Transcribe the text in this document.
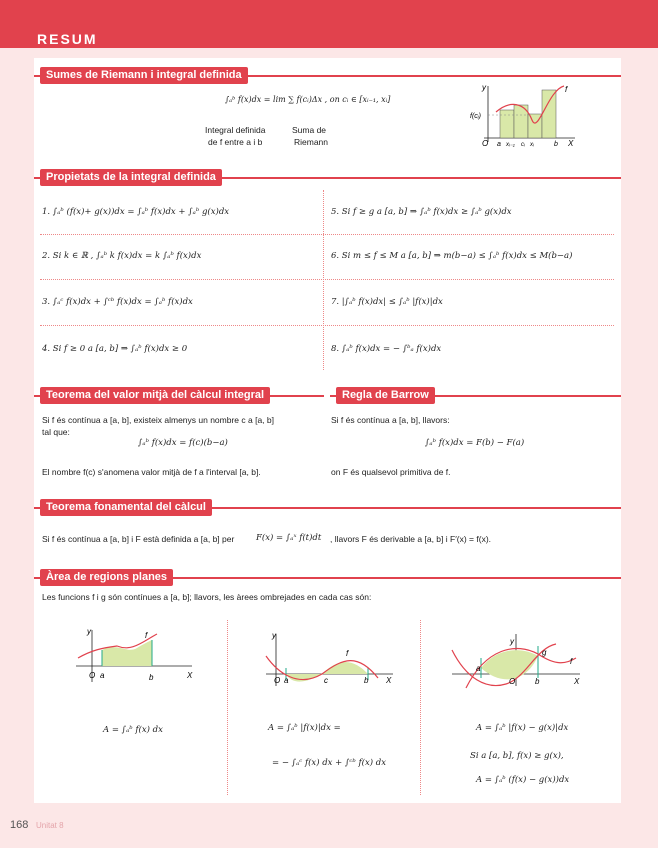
RESUM
Sumes de Riemann i integral definida
∫ₐᵇ f(x)dx = lim ∑ f(cᵢ)Δx , on cᵢ ∈ [xᵢ₋₁, xᵢ]
Integral definida
de f entre a i b
Suma de
Riemann
y	f
f(cᵢ)
O a xᵢ₋₁ cᵢ xᵢ	b X
Propietats de la integral definida
1. ∫ₐᵇ (f(x)+ g(x))dx = ∫ₐᵇ f(x)dx + ∫ₐᵇ g(x)dx	5. Si f ≥ g a [a, b] ⇒ ∫ₐᵇ f(x)dx ≥ ∫ₐᵇ g(x)dx
2. Si k ∈ ℝ , ∫ₐᵇ k f(x)dx = k ∫ₐᵇ f(x)dx	6. Si m ≤ f ≤ M a [a, b] ⇒ m(b−a) ≤ ∫ₐᵇ f(x)dx ≤ M(b−a)
3. ∫ₐᶜ f(x)dx + ∫ᶜᵇ f(x)dx = ∫ₐᵇ f(x)dx	7. |∫ₐᵇ f(x)dx| ≤ ∫ₐᵇ |f(x)|dx
4. Si f ≥ 0 a [a, b] ⇒ ∫ₐᵇ f(x)dx ≥ 0	8. ∫ₐᵇ f(x)dx = − ∫ᵇₐ f(x)dx
Teorema del valor mitjà del càlcul integral	Regla de Barrow
Si f és contínua a [a, b], existeix almenys un nombre c a [a, b]
tal que:
∫ₐᵇ f(x)dx = f(c)(b−a)
El nombre f(c) s'anomena valor mitjà de f a l'interval [a, b].
Si f és contínua a [a, b], llavors:
∫ₐᵇ f(x)dx = F(b) − F(a)
on F és qualsevol primitiva de f.
Teorema fonamental del càlcul
Si f és contínua a [a, b] i F està definida a [a, b] per	F(x) = ∫ₐˣ f(t)dt , llavors F és derivable a [a, b] i F′(x) = f(x).
Àrea de regions planes
Les funcions f i g són contínues a [a, b]; llavors, les àrees ombrejades en cada cas són:
y	f
O a	b	X
A = ∫ₐᵇ f(x) dx
y
f
O a	c	b X
A = ∫ₐᵇ |f(x)|dx =
= − ∫ₐᶜ f(x) dx + ∫ᶜᵇ f(x) dx
y
g
f
a
O b	X
A = ∫ₐᵇ |f(x) − g(x)|dx
Si a [a, b], f(x) ≥ g(x),
A = ∫ₐᵇ (f(x) − g(x))dx
168 Unitat 8
